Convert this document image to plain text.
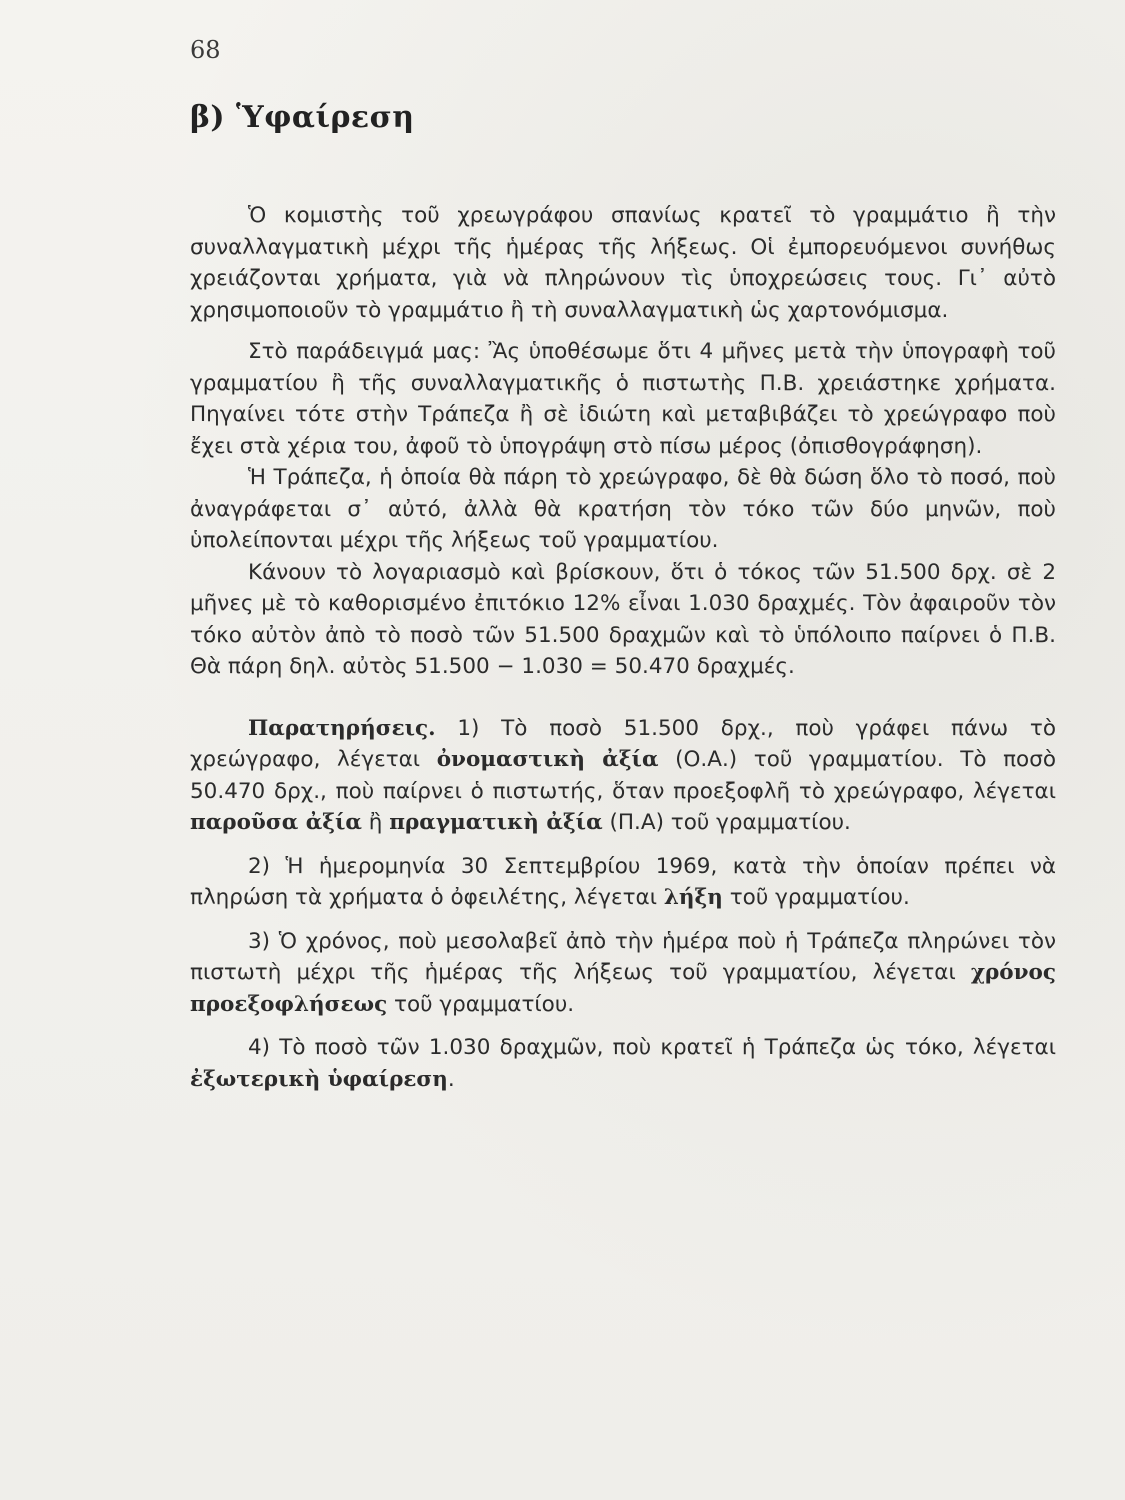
68
β) Ὑφαίρεση

Ὁ κομιστὴς τοῦ χρεωγράφου σπανίως κρατεῖ τὸ γραμμάτιο ἢ τὴν συναλλαγματικὴ μέχρι τῆς ἡμέρας τῆς λήξεως. Οἱ ἐμπορευόμενοι συνήθως χρειάζονται χρήματα, γιὰ νὰ πληρώνουν τὶς ὑποχρεώσεις τους. Γι᾽ αὐτὸ χρησιμοποιοῦν τὸ γραμμάτιο ἢ τὴ συναλλαγματικὴ ὡς χαρτονόμισμα.

Στὸ παράδειγμά μας: Ἂς ὑποθέσωμε ὅτι 4 μῆνες μετὰ τὴν ὑπογραφὴ τοῦ γραμματίου ἢ τῆς συναλλαγματικῆς ὁ πιστωτὴς Π.Β. χρειάστηκε χρήματα. Πηγαίνει τότε στὴν Τράπεζα ἢ σὲ ἰδιώτη καὶ μεταβιβάζει τὸ χρεώγραφο ποὺ ἔχει στὰ χέρια του, ἀφοῦ τὸ ὑπογράψη στὸ πίσω μέρος (ὀπισθογράφηση).

Ἡ Τράπεζα, ἡ ὁποία θὰ πάρη τὸ χρεώγραφο, δὲ θὰ δώση ὅλο τὸ ποσό, ποὺ ἀναγράφεται σ᾽ αὐτό, ἀλλὰ θὰ κρατήση τὸν τόκο τῶν δύο μηνῶν, ποὺ ὑπολείπονται μέχρι τῆς λήξεως τοῦ γραμματίου.

Κάνουν τὸ λογαριασμὸ καὶ βρίσκουν, ὅτι ὁ τόκος τῶν 51.500 δρχ. σὲ 2 μῆνες μὲ τὸ καθορισμένο ἐπιτόκιο 12% εἶναι 1.030 δραχμές. Τὸν ἀφαιροῦν τὸν τόκο αὐτὸν ἀπὸ τὸ ποσὸ τῶν 51.500 δραχμῶν καὶ τὸ ὑπόλοιπο παίρνει ὁ Π.Β. Θὰ πάρη δηλ. αὐτὸς 51.500 − 1.030 = 50.470 δραχμές.

Παρατηρήσεις. 1) Τὸ ποσὸ 51.500 δρχ., ποὺ γράφει πάνω τὸ χρεώγραφο, λέγεται ὀνομαστικὴ ἀξία (Ο.Α.) τοῦ γραμματίου. Τὸ ποσὸ 50.470 δρχ., ποὺ παίρνει ὁ πιστωτής, ὅταν προεξοφλῆ τὸ χρεώγραφο, λέγεται παροῦσα ἀξία ἢ πραγματικὴ ἀξία (Π.Α) τοῦ γραμματίου.

2) Ἡ ἡμερομηνία 30 Σεπτεμβρίου 1969, κατὰ τὴν ὁποίαν πρέπει νὰ πληρώση τὰ χρήματα ὁ ὀφειλέτης, λέγεται λήξη τοῦ γραμματίου.

3) Ὁ χρόνος, ποὺ μεσολαβεῖ ἀπὸ τὴν ἡμέρα ποὺ ἡ Τράπεζα πληρώνει τὸν πιστωτὴ μέχρι τῆς ἡμέρας τῆς λήξεως τοῦ γραμματίου, λέγεται χρόνος προεξοφλήσεως τοῦ γραμματίου.

4) Τὸ ποσὸ τῶν 1.030 δραχμῶν, ποὺ κρατεῖ ἡ Τράπεζα ὡς τόκο, λέγεται ἐξωτερικὴ ὑφαίρεση.
